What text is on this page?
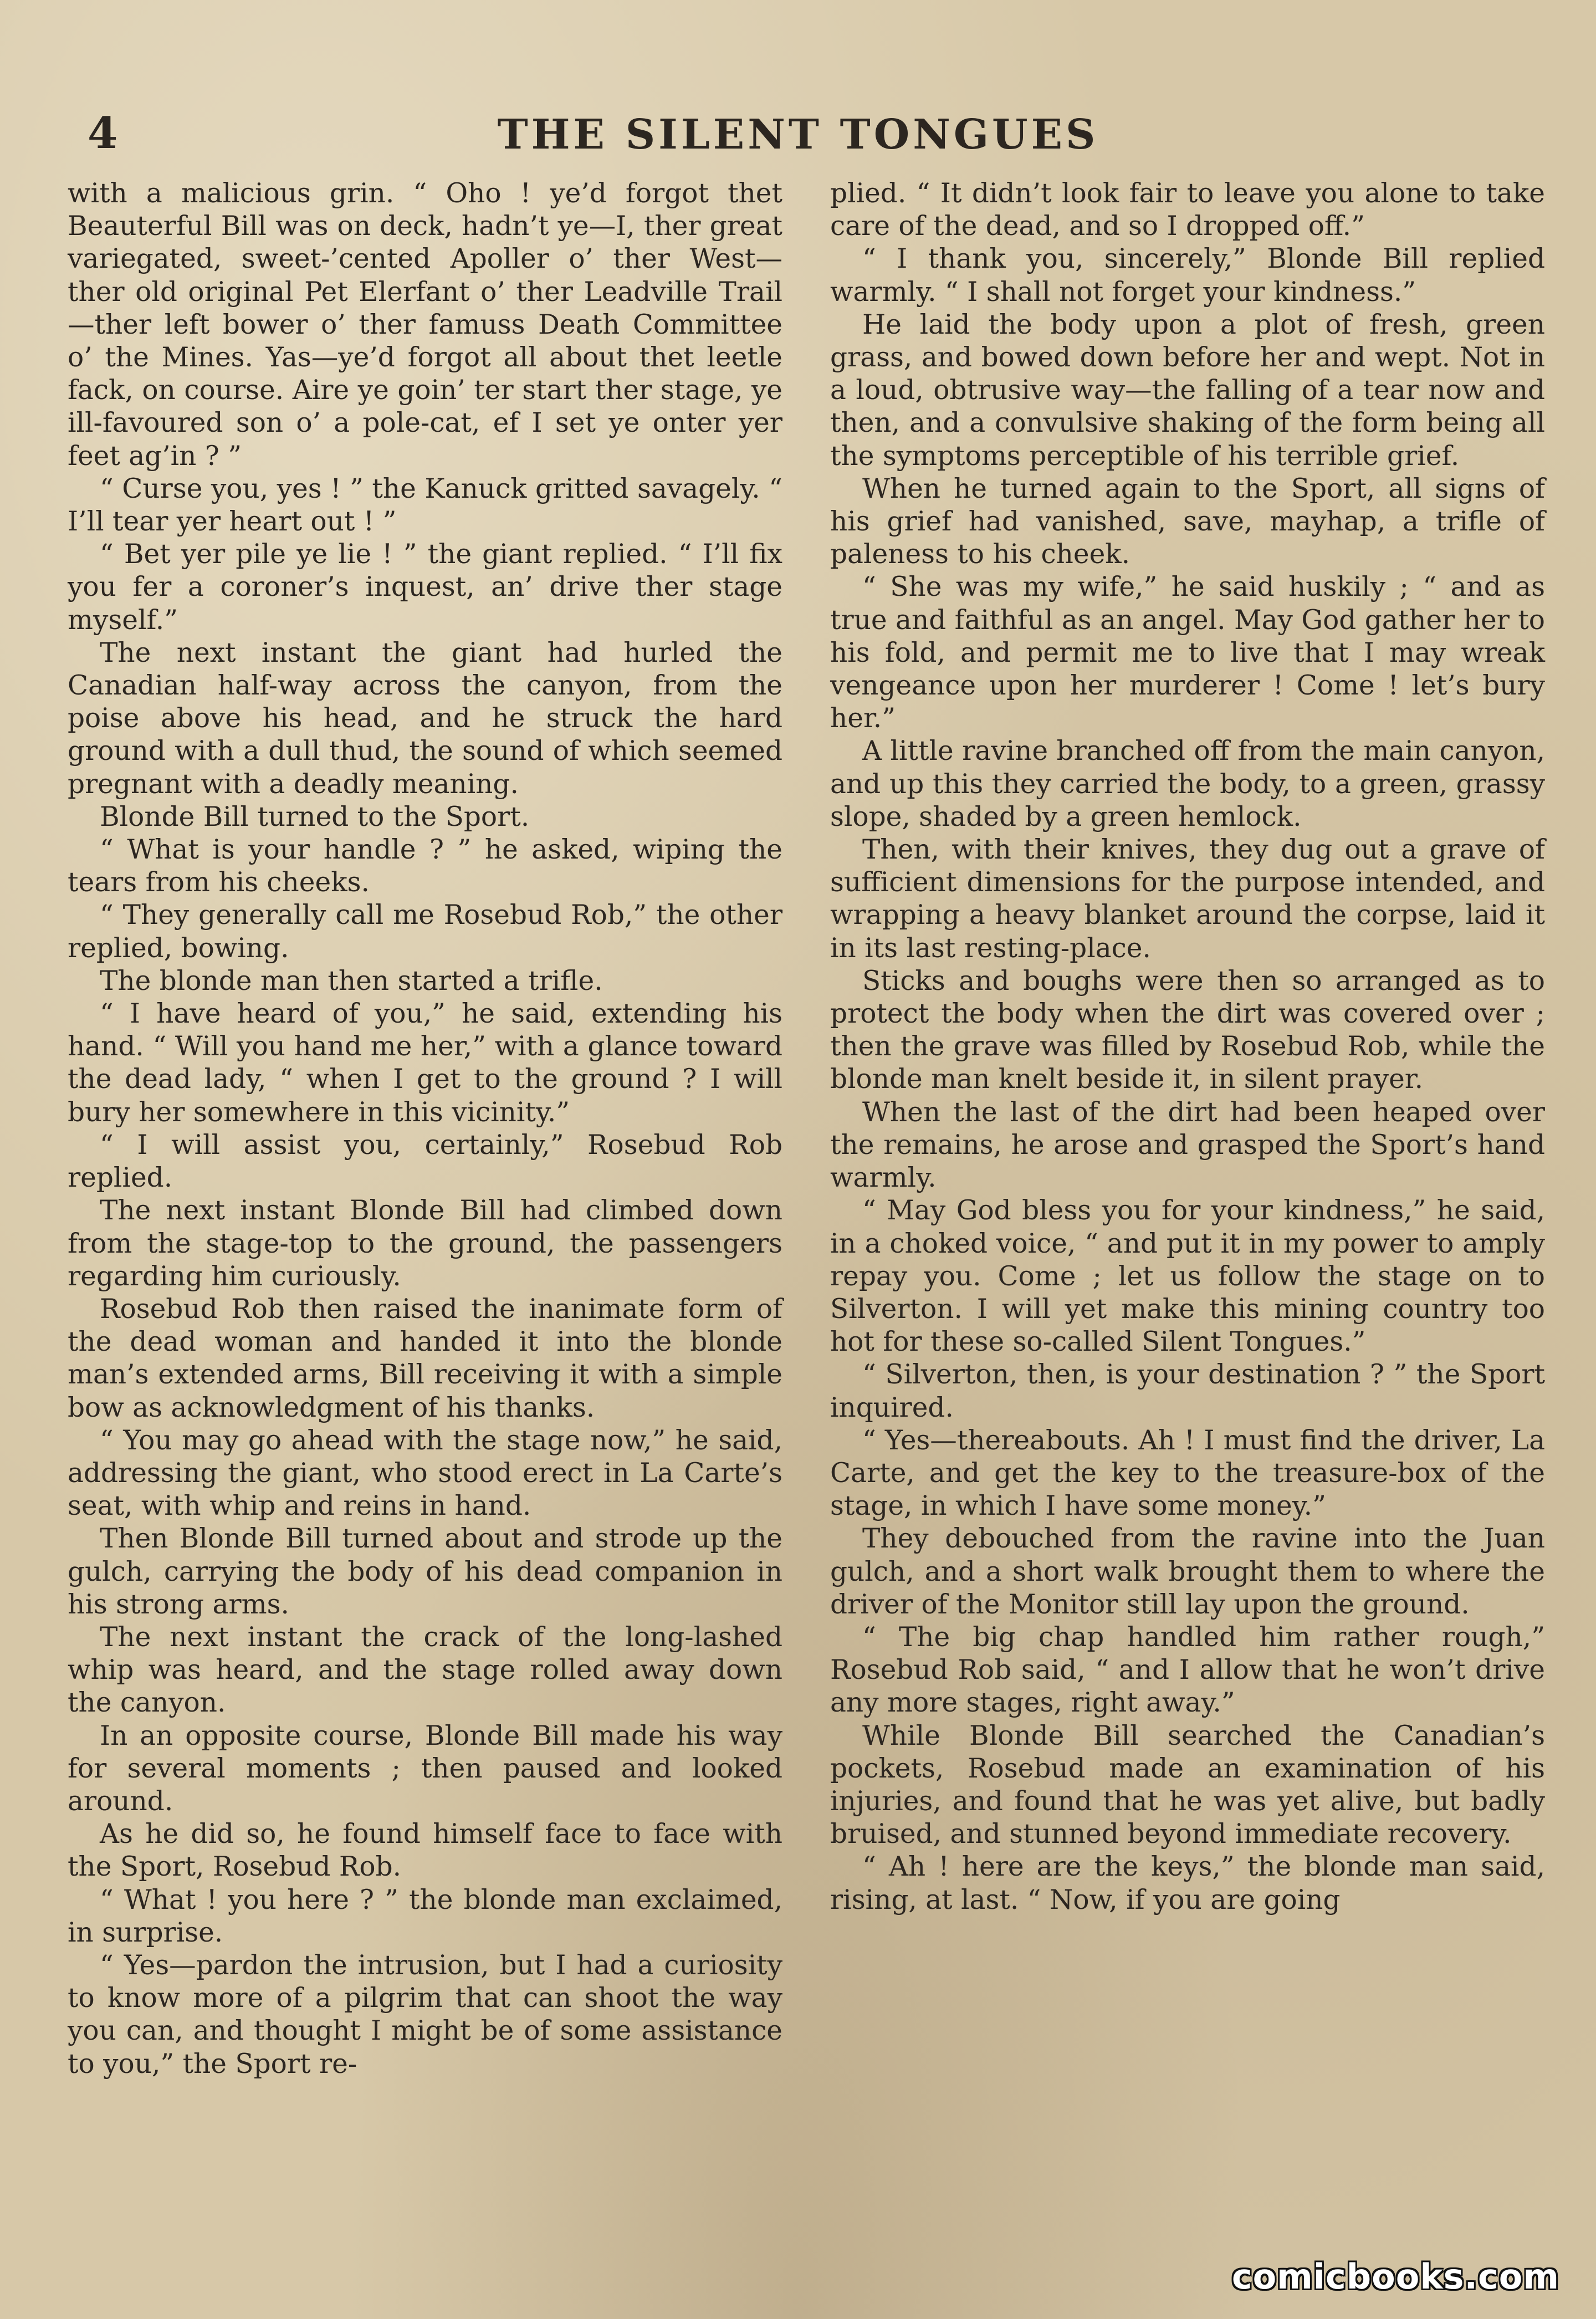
4	THE SILENT TONGUES

with a malicious grin. “ Oho ! ye’d forgot thet Beauterful Bill was on deck, hadn’t ye—I, ther great variegated, sweet-’cented Apoller o’ ther West—ther old original Pet Elerfant o’ ther Leadville Trail—ther left bower o’ ther famuss Death Committee o’ the Mines. Yas—ye’d forgot all about thet leetle fack, on course. Aire ye goin’ ter start ther stage, ye ill-favoured son o’ a pole-cat, ef I set ye onter yer feet ag’in ? ”

“ Curse you, yes ! ” the Kanuck gritted savagely. “ I’ll tear yer heart out ! ”

“ Bet yer pile ye lie ! ” the giant replied. “ I’ll fix you fer a coroner’s inquest, an’ drive ther stage myself.”

The next instant the giant had hurled the Canadian half-way across the canyon, from the poise above his head, and he struck the hard ground with a dull thud, the sound of which seemed pregnant with a deadly meaning.

Blonde Bill turned to the Sport.

“ What is your handle ? ” he asked, wiping the tears from his cheeks.

“ They generally call me Rosebud Rob,” the other replied, bowing.

The blonde man then started a trifle.

“ I have heard of you,” he said, extending his hand. “ Will you hand me her,” with a glance toward the dead lady, “ when I get to the ground ? I will bury her somewhere in this vicinity.”

“ I will assist you, certainly,” Rosebud Rob replied.

The next instant Blonde Bill had climbed down from the stage-top to the ground, the passengers regarding him curiously.

Rosebud Rob then raised the inanimate form of the dead woman and handed it into the blonde man’s extended arms, Bill receiving it with a simple bow as acknowledgment of his thanks.

“ You may go ahead with the stage now,” he said, addressing the giant, who stood erect in La Carte’s seat, with whip and reins in hand.

Then Blonde Bill turned about and strode up the gulch, carrying the body of his dead companion in his strong arms.

The next instant the crack of the long-lashed whip was heard, and the stage rolled away down the canyon.

In an opposite course, Blonde Bill made his way for several moments ; then paused and looked around.

As he did so, he found himself face to face with the Sport, Rosebud Rob.

“ What ! you here ? ” the blonde man exclaimed, in surprise.

“ Yes—pardon the intrusion, but I had a curiosity to know more of a pilgrim that can shoot the way you can, and thought I might be of some assistance to you,” the Sport re-

plied. “ It didn’t look fair to leave you alone to take care of the dead, and so I dropped off.”

“ I thank you, sincerely,” Blonde Bill replied warmly. “ I shall not forget your kindness.”

He laid the body upon a plot of fresh, green grass, and bowed down before her and wept. Not in a loud, obtrusive way—the falling of a tear now and then, and a convulsive shaking of the form being all the symptoms perceptible of his terrible grief.

When he turned again to the Sport, all signs of his grief had vanished, save, mayhap, a trifle of paleness to his cheek.

“ She was my wife,” he said huskily ; “ and as true and faithful as an angel. May God gather her to his fold, and permit me to live that I may wreak vengeance upon her murderer ! Come ! let’s bury her.”

A little ravine branched off from the main canyon, and up this they carried the body, to a green, grassy slope, shaded by a green hemlock.

Then, with their knives, they dug out a grave of sufficient dimensions for the purpose intended, and wrapping a heavy blanket around the corpse, laid it in its last resting-place.

Sticks and boughs were then so arranged as to protect the body when the dirt was covered over ; then the grave was filled by Rosebud Rob, while the blonde man knelt beside it, in silent prayer.

When the last of the dirt had been heaped over the remains, he arose and grasped the Sport’s hand warmly.

“ May God bless you for your kindness,” he said, in a choked voice, “ and put it in my power to amply repay you. Come ; let us follow the stage on to Silverton. I will yet make this mining country too hot for these so-called Silent Tongues.”

“ Silverton, then, is your destination ? ” the Sport inquired.

“ Yes—thereabouts. Ah ! I must find the driver, La Carte, and get the key to the treasure-box of the stage, in which I have some money.”

They debouched from the ravine into the Juan gulch, and a short walk brought them to where the driver of the Monitor still lay upon the ground.

“ The big chap handled him rather rough,” Rosebud Rob said, “ and I allow that he won’t drive any more stages, right away.”

While Blonde Bill searched the Canadian’s pockets, Rosebud made an examination of his injuries, and found that he was yet alive, but badly bruised, and stunned beyond immediate recovery.

“ Ah ! here are the keys,” the blonde man said, rising, at last. “ Now, if you are going

comicbooks.com
